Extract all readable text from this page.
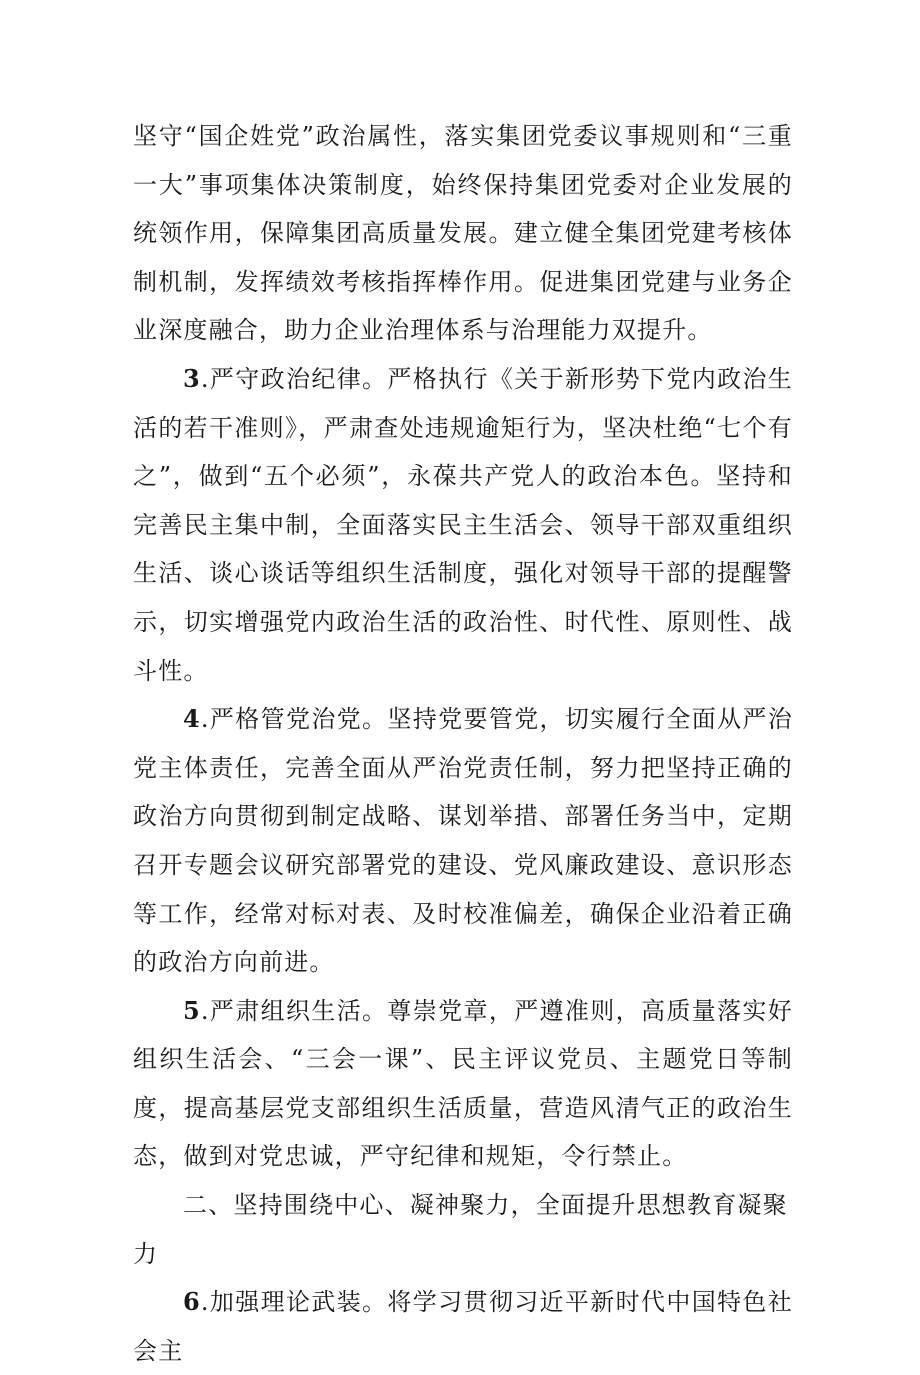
坚守“国企姓党”政治属性，落实集团党委议事规则和“三重一大”事项集体决策制度，始终保持集团党委对企业发展的统领作用，保障集团高质量发展。建立健全集团党建考核体制机制，发挥绩效考核指挥棒作用。促进集团党建与业务企业深度融合，助力企业治理体系与治理能力双提升。

3.严守政治纪律。严格执行《关于新形势下党内政治生活的若干准则》，严肃查处违规逾矩行为，坚决杜绝“七个有之”，做到“五个必须”，永葆共产党人的政治本色。坚持和完善民主集中制，全面落实民主生活会、领导干部双重组织生活、谈心谈话等组织生活制度，强化对领导干部的提醒警示，切实增强党内政治生活的政治性、时代性、原则性、战斗性。

4.严格管党治党。坚持党要管党，切实履行全面从严治党主体责任，完善全面从严治党责任制，努力把坚持正确的政治方向贯彻到制定战略、谋划举措、部署任务当中，定期召开专题会议研究部署党的建设、党风廉政建设、意识形态等工作，经常对标对表、及时校准偏差，确保企业沿着正确的政治方向前进。

5.严肃组织生活。尊崇党章，严遵准则，高质量落实好组织生活会、“三会一课”、民主评议党员、主题党日等制度，提高基层党支部组织生活质量，营造风清气正的政治生态，做到对党忠诚，严守纪律和规矩，令行禁止。

二、坚持围绕中心、凝神聚力，全面提升思想教育凝聚力

6.加强理论武装。将学习贯彻习近平新时代中国特色社会主
